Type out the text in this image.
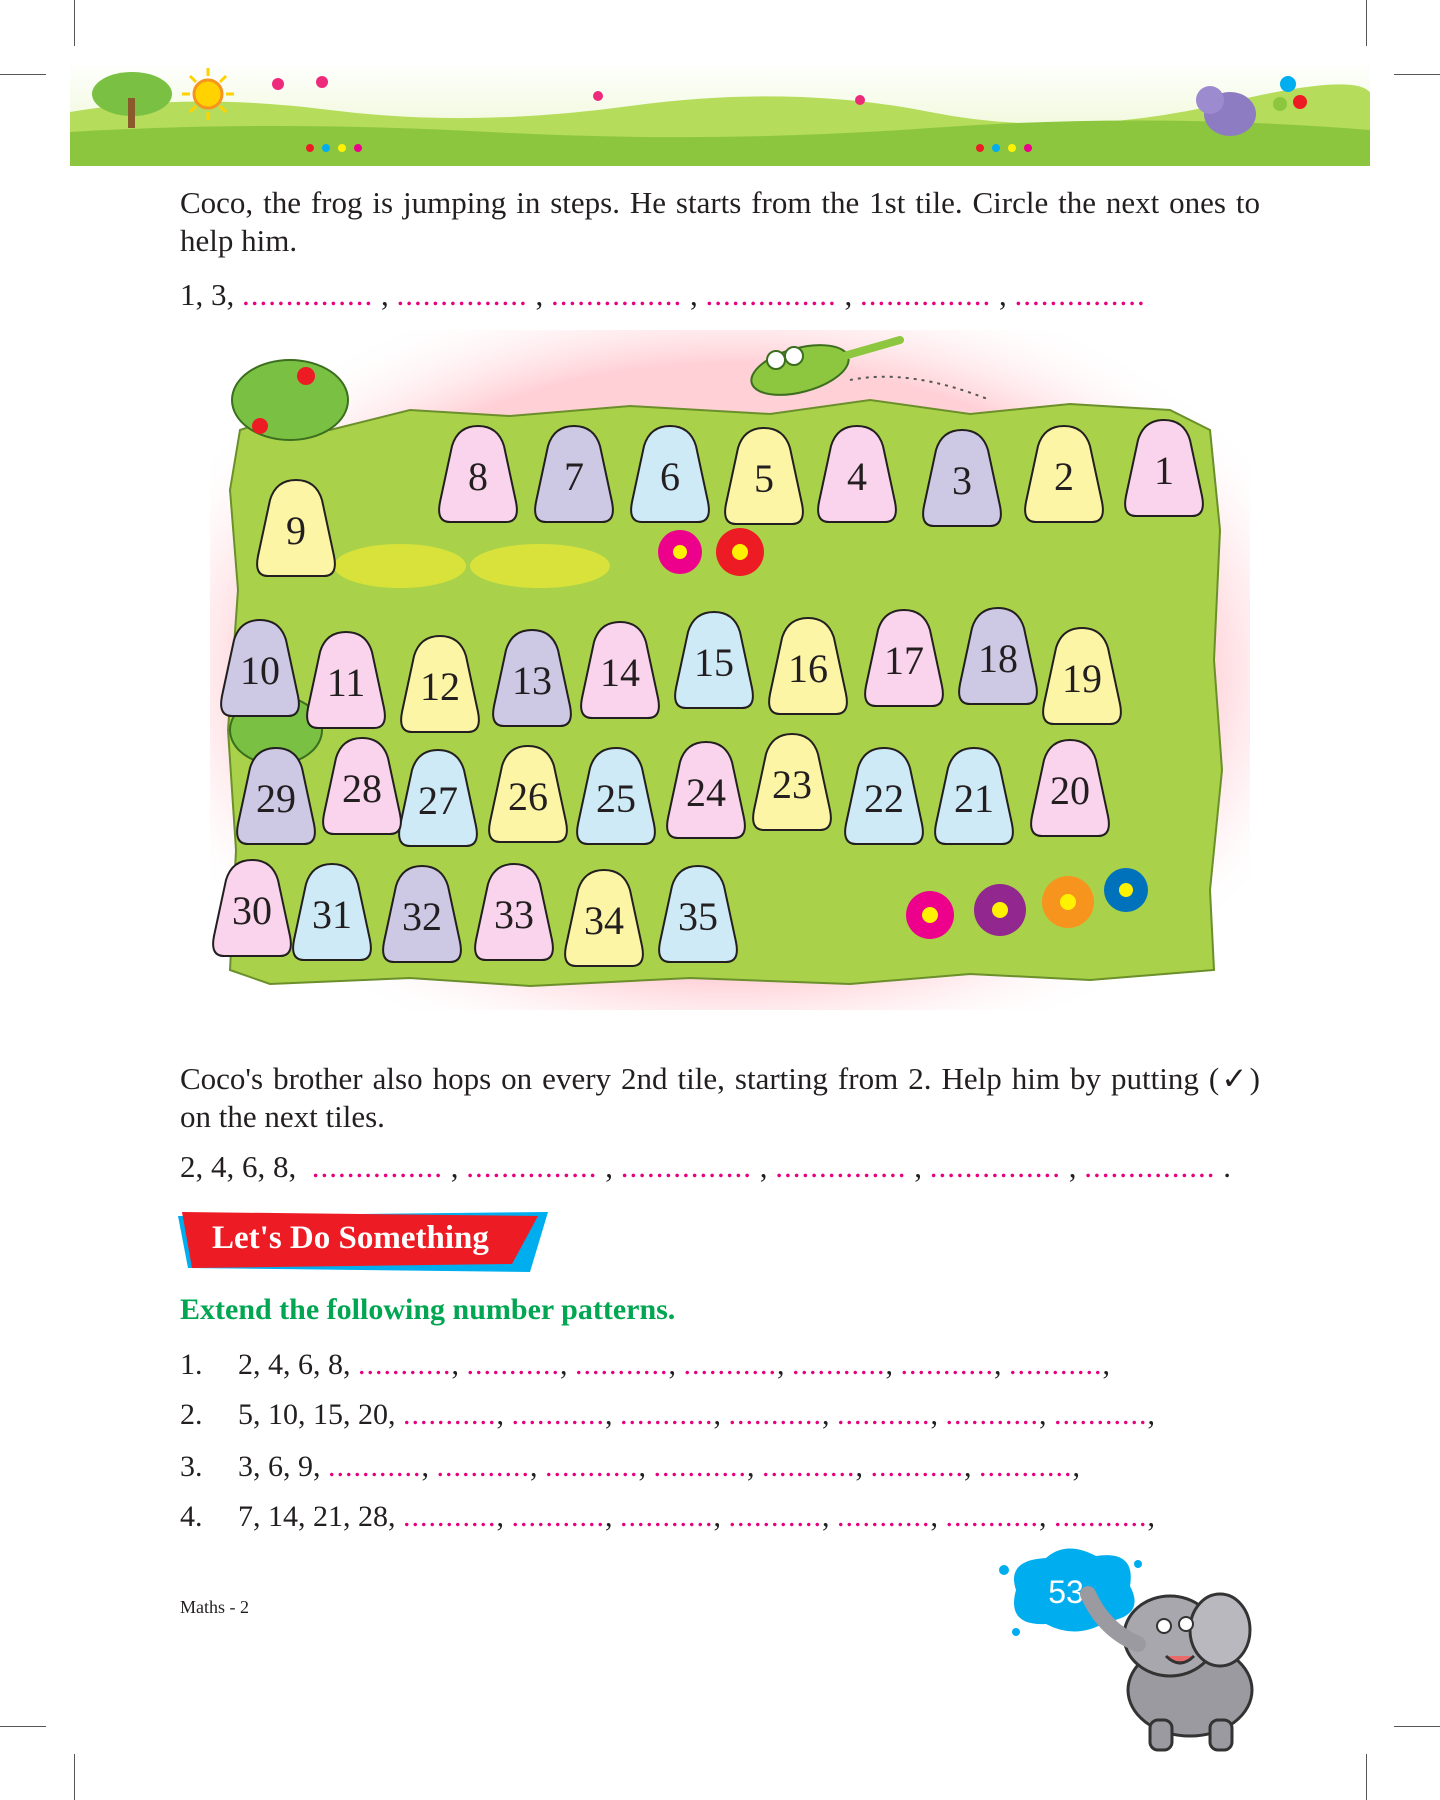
Coco, the frog is jumping in steps. He starts from the 1st tile. Circle the next ones to help him.

1, 3, ............... , ............... , ............... , ............... , ............... , ...............
1
2
3
4
5
6
7
8
9
10 11 12 13 14 15 16 17 18 19
20
21
22
23
24
25
26
27
28
29
30 31 32 33 34 35

Coco's brother also hops on every 2nd tile, starting from 2. Help him by putting (✓) on the next tiles.

2, 4, 6, 8, ............... , ............... , ............... , ............... , ............... , ............... .
Let's Do Something
Extend the following number patterns.
1. 2, 4, 6, 8, ..........., ..........., ..........., ..........., ..........., ..........., ...........,
2. 5, 10, 15, 20, ..........., ..........., ..........., ..........., ..........., ..........., ...........,
3. 3, 6, 9, ..........., ..........., ..........., ..........., ..........., ..........., ...........,
4. 7, 14, 21, 28, ..........., ..........., ..........., ..........., ..........., ..........., ...........,
Maths - 2	53
